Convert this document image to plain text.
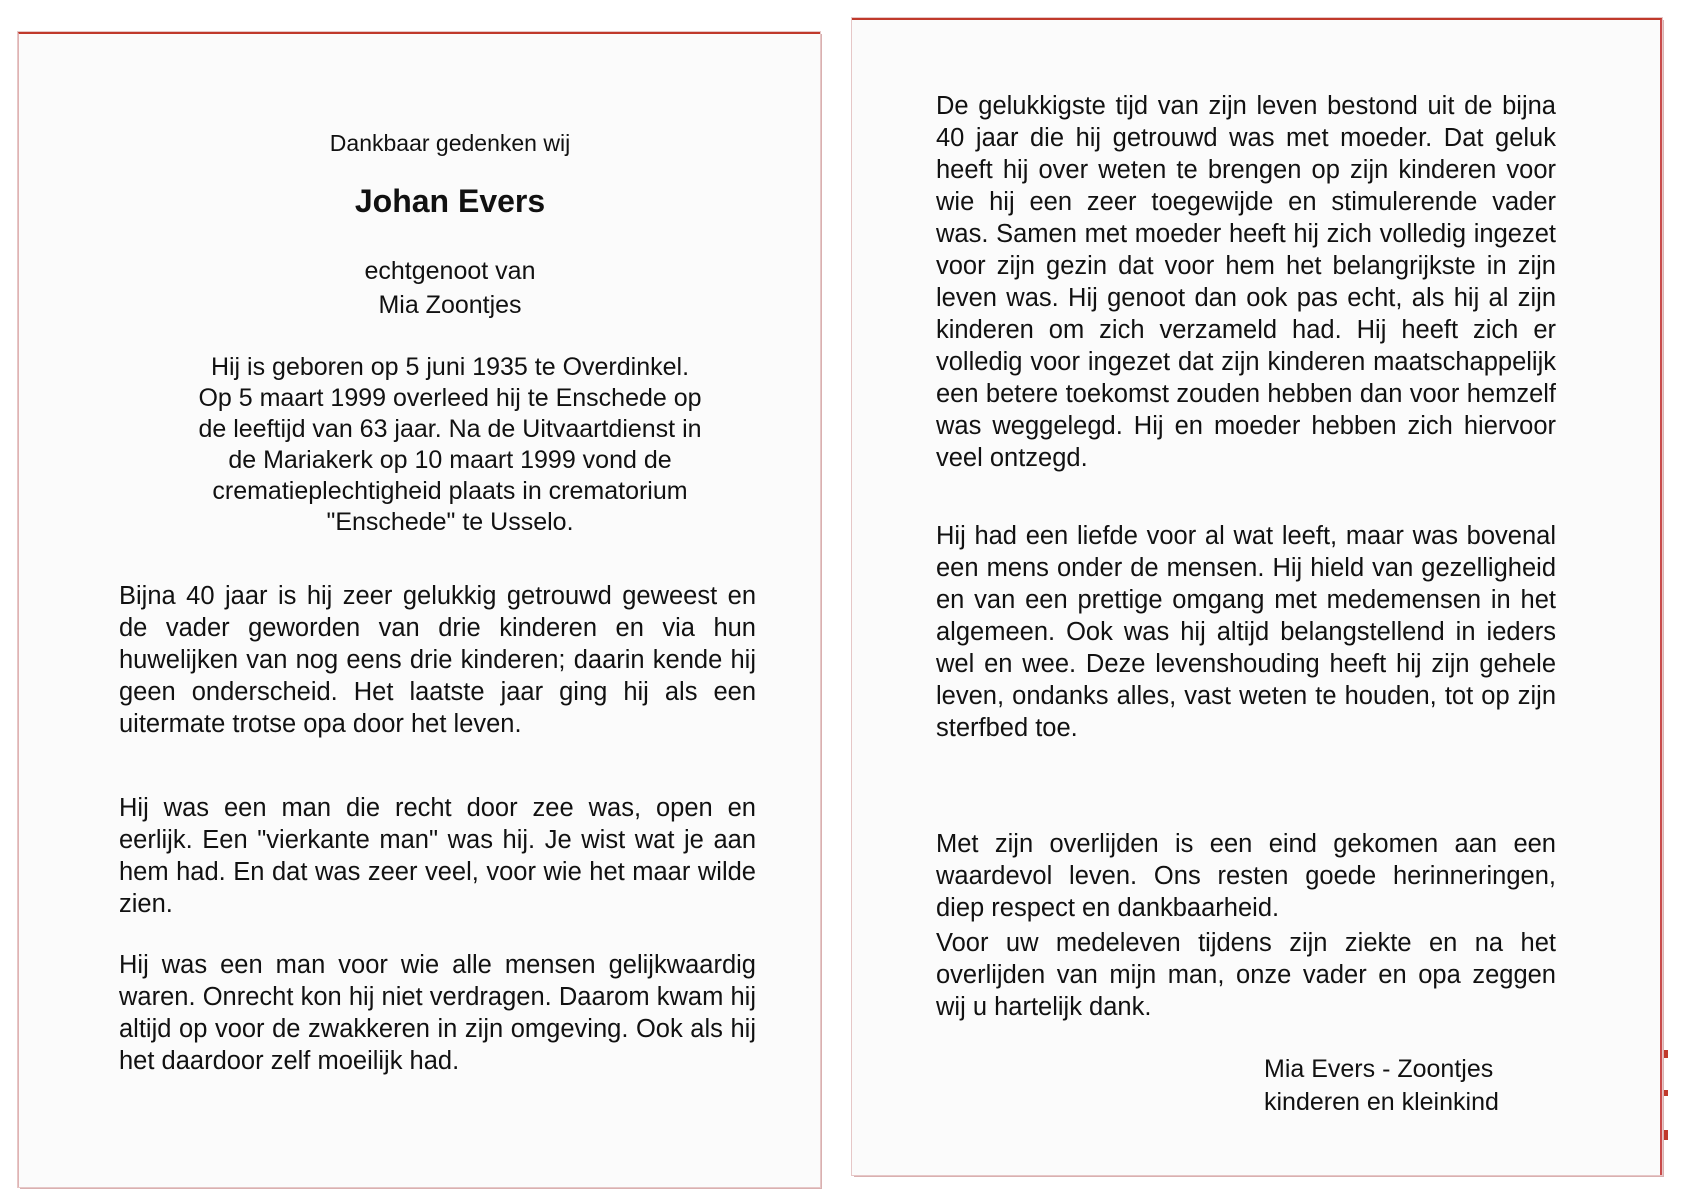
Dankbaar gedenken wij
Johan Evers
echtgenoot van
Mia Zoontjes
Hij is geboren op 5 juni 1935 te Overdinkel.
Op 5 maart 1999 overleed hij te Enschede op
de leeftijd van 63 jaar. Na de Uitvaartdienst in
de Mariakerk op 10 maart 1999 vond de
crematieplechtigheid plaats in crematorium
"Enschede" te Usselo.

Bijna 40 jaar is hij zeer gelukkig getrouwd geweest en de vader geworden van drie kinderen en via hun huwelijken van nog eens drie kinderen; daarin kende hij geen onderscheid. Het laatste jaar ging hij als een uitermate trotse opa door het leven.

Hij was een man die recht door zee was, open en eerlijk. Een "vierkante man" was hij. Je wist wat je aan hem had. En dat was zeer veel, voor wie het maar wilde zien.

Hij was een man voor wie alle mensen gelijkwaardig waren. Onrecht kon hij niet verdragen. Daarom kwam hij altijd op voor de zwakkeren in zijn omgeving. Ook als hij het daardoor zelf moeilijk had.

De gelukkigste tijd van zijn leven bestond uit de bijna 40 jaar die hij getrouwd was met moeder. Dat geluk heeft hij over weten te brengen op zijn kinderen voor wie hij een zeer toegewijde en stimulerende vader was. Samen met moeder heeft hij zich volledig ingezet voor zijn gezin dat voor hem het belangrijkste in zijn leven was. Hij genoot dan ook pas echt, als hij al zijn kinderen om zich verzameld had. Hij heeft zich er volledig voor ingezet dat zijn kinderen maatschappelijk een betere toekomst zouden hebben dan voor hemzelf was weggelegd. Hij en moeder hebben zich hiervoor veel ontzegd.

Hij had een liefde voor al wat leeft, maar was bovenal een mens onder de mensen. Hij hield van gezelligheid en van een prettige omgang met medemensen in het algemeen. Ook was hij altijd belangstellend in ieders wel en wee. Deze levenshouding heeft hij zijn gehele leven, ondanks alles, vast weten te houden, tot op zijn sterfbed toe.

Met zijn overlijden is een eind gekomen aan een waardevol leven. Ons resten goede herinneringen, diep respect en dankbaarheid.

Voor uw medeleven tijdens zijn ziekte en na het overlijden van mijn man, onze vader en opa zeggen wij u hartelijk dank.

Mia Evers - Zoontjes
kinderen en kleinkind
